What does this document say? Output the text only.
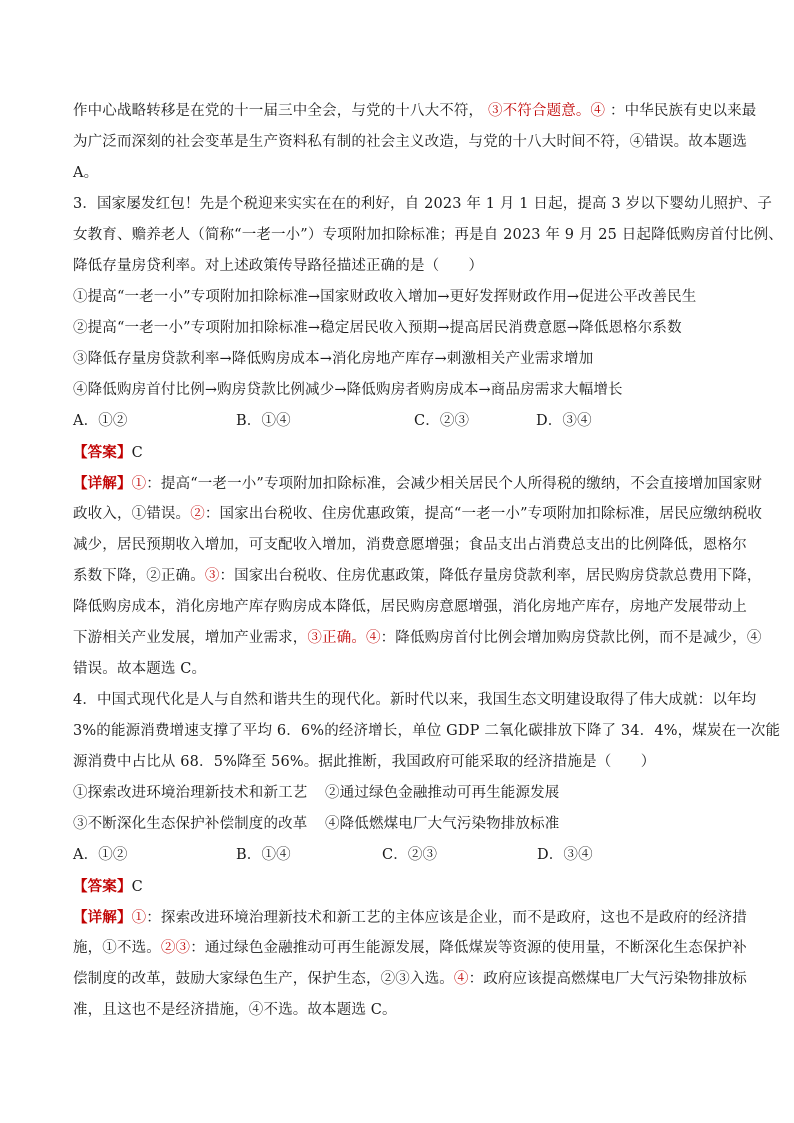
作中心战略转移是在党的十一届三中全会，与党的十八大不符， ③不符合题意。④ ：中华民族有史以来最
为广泛而深刻的社会变革是生产资料私有制的社会主义改造，与党的十八大时间不符，④错误。故本题选
A。
3．国家屡发红包！先是个税迎来实实在在的利好，自 2023 年 1 月 1 日起，提高 3 岁以下婴幼儿照护、子
女教育、赡养老人（简称“一老一小”）专项附加扣除标准；再是自 2023 年 9 月 25 日起降低购房首付比例、
降低存量房贷利率。对上述政策传导路径描述正确的是（　　）
①提高“一老一小”专项附加扣除标准→国家财政收入增加→更好发挥财政作用→促进公平改善民生
②提高“一老一小”专项附加扣除标准→稳定居民收入预期→提高居民消费意愿→降低恩格尔系数
③降低存量房贷款利率→降低购房成本→消化房地产库存→刺激相关产业需求增加
④降低购房首付比例→购房贷款比例减少→降低购房者购房成本→商品房需求大幅增长
A．①②	B．①④	C．②③	D．③④
【答案】C
【详解】①：提高“一老一小”专项附加扣除标准，会减少相关居民个人所得税的缴纳，不会直接增加国家财
政收入，①错误。②：国家出台税收、住房优惠政策，提高“一老一小”专项附加扣除标准，居民应缴纳税收
减少，居民预期收入增加，可支配收入增加，消费意愿增强；食品支出占消费总支出的比例降低，恩格尔
系数下降，②正确。③：国家出台税收、住房优惠政策，降低存量房贷款利率，居民购房贷款总费用下降，
降低购房成本，消化房地产库存购房成本降低，居民购房意愿增强，消化房地产库存，房地产发展带动上
下游相关产业发展，增加产业需求，③正确。④：降低购房首付比例会增加购房贷款比例，而不是减少，④
错误。故本题选 C。
4．中国式现代化是人与自然和谐共生的现代化。新时代以来，我国生态文明建设取得了伟大成就：以年均
3%的能源消费增速支撑了平均 6．6%的经济增长，单位 GDP 二氧化碳排放下降了 34．4%，煤炭在一次能
源消费中占比从 68．5%降至 56%。据此推断，我国政府可能采取的经济措施是（　　）
①探索改进环境治理新技术和新工艺 ②通过绿色金融推动可再生能源发展
③不断深化生态保护补偿制度的改革 ④降低燃煤电厂大气污染物排放标准
A．①②	B．①④	C．②③	D．③④
【答案】C
【详解】①：探索改进环境治理新技术和新工艺的主体应该是企业，而不是政府，这也不是政府的经济措
施，①不选。②③：通过绿色金融推动可再生能源发展，降低煤炭等资源的使用量，不断深化生态保护补
偿制度的改革，鼓励大家绿色生产，保护生态，②③入选。④：政府应该提高燃煤电厂大气污染物排放标
准，且这也不是经济措施，④不选。故本题选 C。
